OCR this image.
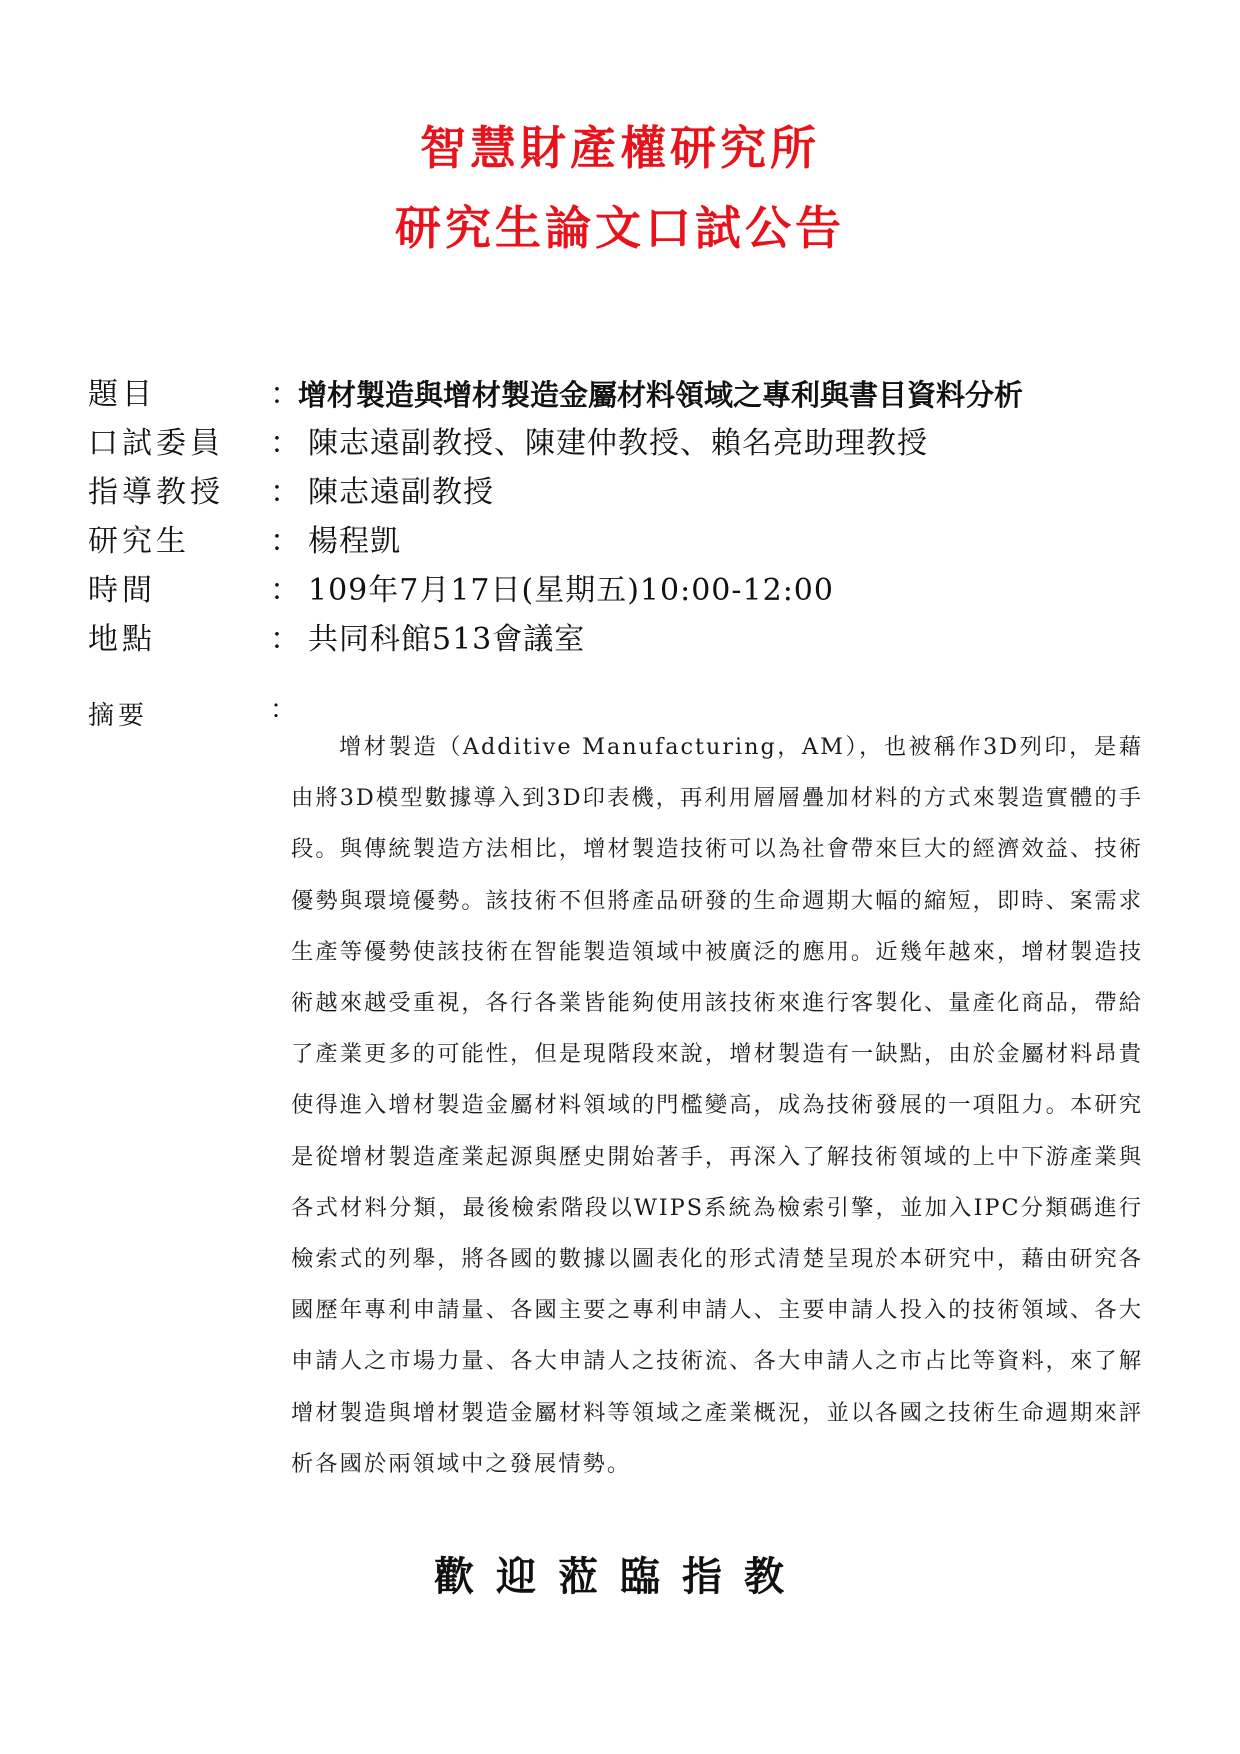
智慧財產權研究所
研究生論文口試公告
題目	：
增材製造與增材製造金屬材料領域之專利與書目資料分析
口試委員 ： 陳志遠副教授、陳建仲教授、賴名亮助理教授
指導教授 ： 陳志遠副教授
研究生	： 楊程凱
時間	： 109年7月17日(星期五)10:00-12:00
地點	： 共同科館513會議室
摘要	：

增材製造（Additive Manufacturing，AM），也被稱作3D列印，是藉由將3D模型數據導入到3D印表機，再利用層層疊加材料的方式來製造實體的手段。與傳統製造方法相比，增材製造技術可以為社會帶來巨大的經濟效益、技術優勢與環境優勢。該技術不但將產品研發的生命週期大幅的縮短，即時、案需求生產等優勢使該技術在智能製造領域中被廣泛的應用。近幾年越來，增材製造技術越來越受重視，各行各業皆能夠使用該技術來進行客製化、量產化商品，帶給了產業更多的可能性，但是現階段來說，增材製造有一缺點，由於金屬材料昂貴使得進入增材製造金屬材料領域的門檻變高，成為技術發展的一項阻力。本研究是從增材製造產業起源與歷史開始著手，再深入了解技術領域的上中下游產業與各式材料分類，最後檢索階段以WIPS系統為檢索引擎，並加入IPC分類碼進行檢索式的列舉，將各國的數據以圖表化的形式清楚呈現於本研究中，藉由研究各國歷年專利申請量、各國主要之專利申請人、主要申請人投入的技術領域、各大申請人之市場力量、各大申請人之技術流、各大申請人之市占比等資料，來了解增材製造與增材製造金屬材料等領域之產業概況，並以各國之技術生命週期來評析各國於兩領域中之發展情勢。

歡迎蒞臨指教
